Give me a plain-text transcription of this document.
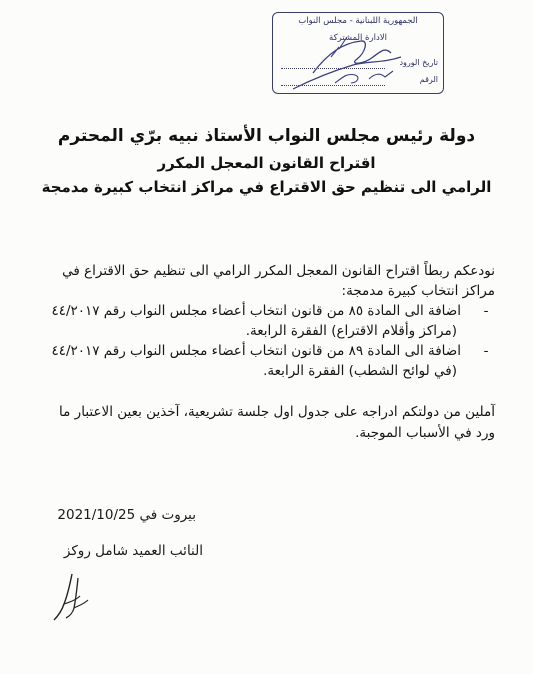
الجمهورية اللبنانية - مجلس النواب
الادارة المشتركة
تاريخ الورود
الرقم
دولة رئيس مجلس النواب الأستاذ نبيه برّي المحترم
اقتراح القانون المعجل المكرر
الرامي الى تنظيم حق الاقتراع في مراكز انتخاب كبيرة مدمجة
نودعكم ربطاً اقتراح القانون المعجل المكرر الرامي الى تنظيم حق الاقتراع في
مراكز انتخاب كبيرة مدمجة:
-اضافة الى المادة ٨٥ من قانون انتخاب أعضاء مجلس النواب رقم ٤٤/٢٠١٧
(مراكز وأقلام الاقتراع) الفقرة الرابعة.
-اضافة الى المادة ٨٩ من قانون انتخاب أعضاء مجلس النواب رقم ٤٤/٢٠١٧
(في لوائح الشطب) الفقرة الرابعة.
آملين من دولتكم ادراجه على جدول اول جلسة تشريعية، آخذين بعين الاعتبار ما
ورد في الأسباب الموجبة.
بيروت في 2021/10/25
النائب العميد شامل روكز
